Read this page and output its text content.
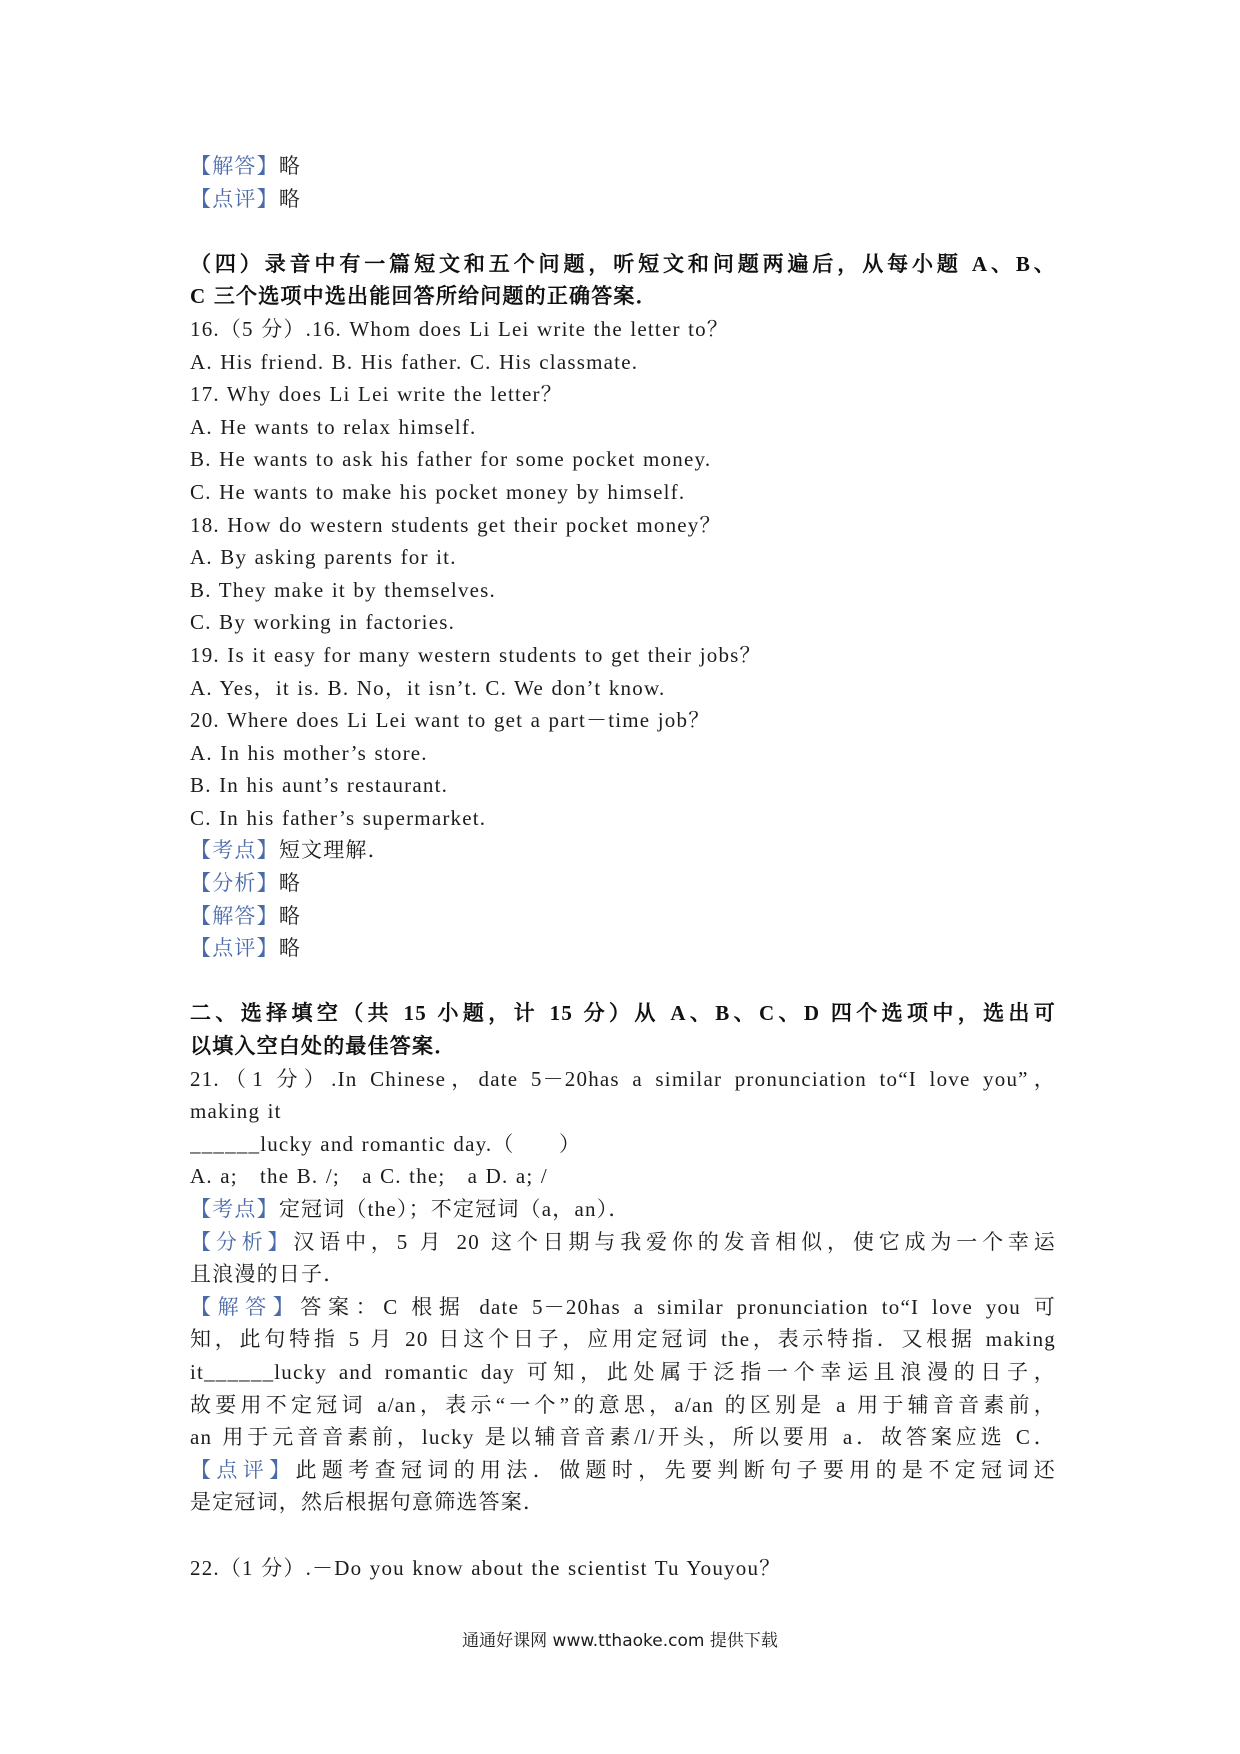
【解答】略
【点评】略
（四）录音中有一篇短文和五个问题，听短文和问题两遍后，从每小题 A、B、
C 三个选项中选出能回答所给问题的正确答案．
16.（5 分）.16. Whom does Li Lei write the letter to？
A. His friend. B. His father. C. His classmate.
17. Why does Li Lei write the letter？
A. He wants to relax himself.
B. He wants to ask his father for some pocket money.
C. He wants to make his pocket money by himself.
18. How do western students get their pocket money？
A. By asking parents for it.
B. They make it by themselves.
C. By working in factories.
19. Is it easy for many western students to get their jobs？
A. Yes，it is. B. No，it isn’t. C. We don’t know.
20. Where does Li Lei want to get a part－time job？
A. In his mother’s store.
B. In his aunt’s restaurant.
C. In his father’s supermarket.
【考点】短文理解．
【分析】略
【解答】略
【点评】略
二、选择填空（共 15 小题，计 15 分）从 A、B、C、D 四个选项中，选出可
以填入空白处的最佳答案．
21.（1 分）.In Chinese，date 5－20has a similar pronunciation to“I love you”，
making it
______lucky and romantic day.（　　）
A. a;　the B. /;　a C. the;　a D. a; /
【考点】定冠词（the）；不定冠词（a，an）．
【分析】汉语中，5 月 20 这个日期与我爱你的发音相似，使它成为一个幸运
且浪漫的日子．
【解答】答案：C 根据 date 5－20has a similar pronunciation to“I love you 可
知，此句特指 5 月 20 日这个日子，应用定冠词 the，表示特指．又根据 making
it______lucky and romantic day 可知，此处属于泛指一个幸运且浪漫的日子，
故要用不定冠词 a/an，表示“一个”的意思，a/an 的区别是 a 用于辅音音素前，
an 用于元音音素前，lucky 是以辅音音素/l/开头，所以要用 a．故答案应选 C．
【点评】此题考查冠词的用法．做题时，先要判断句子要用的是不定冠词还
是定冠词，然后根据句意筛选答案．
22.（1 分）.－Do you know about the scientist Tu Youyou？
通通好课网 www.tthaoke.com 提供下载
